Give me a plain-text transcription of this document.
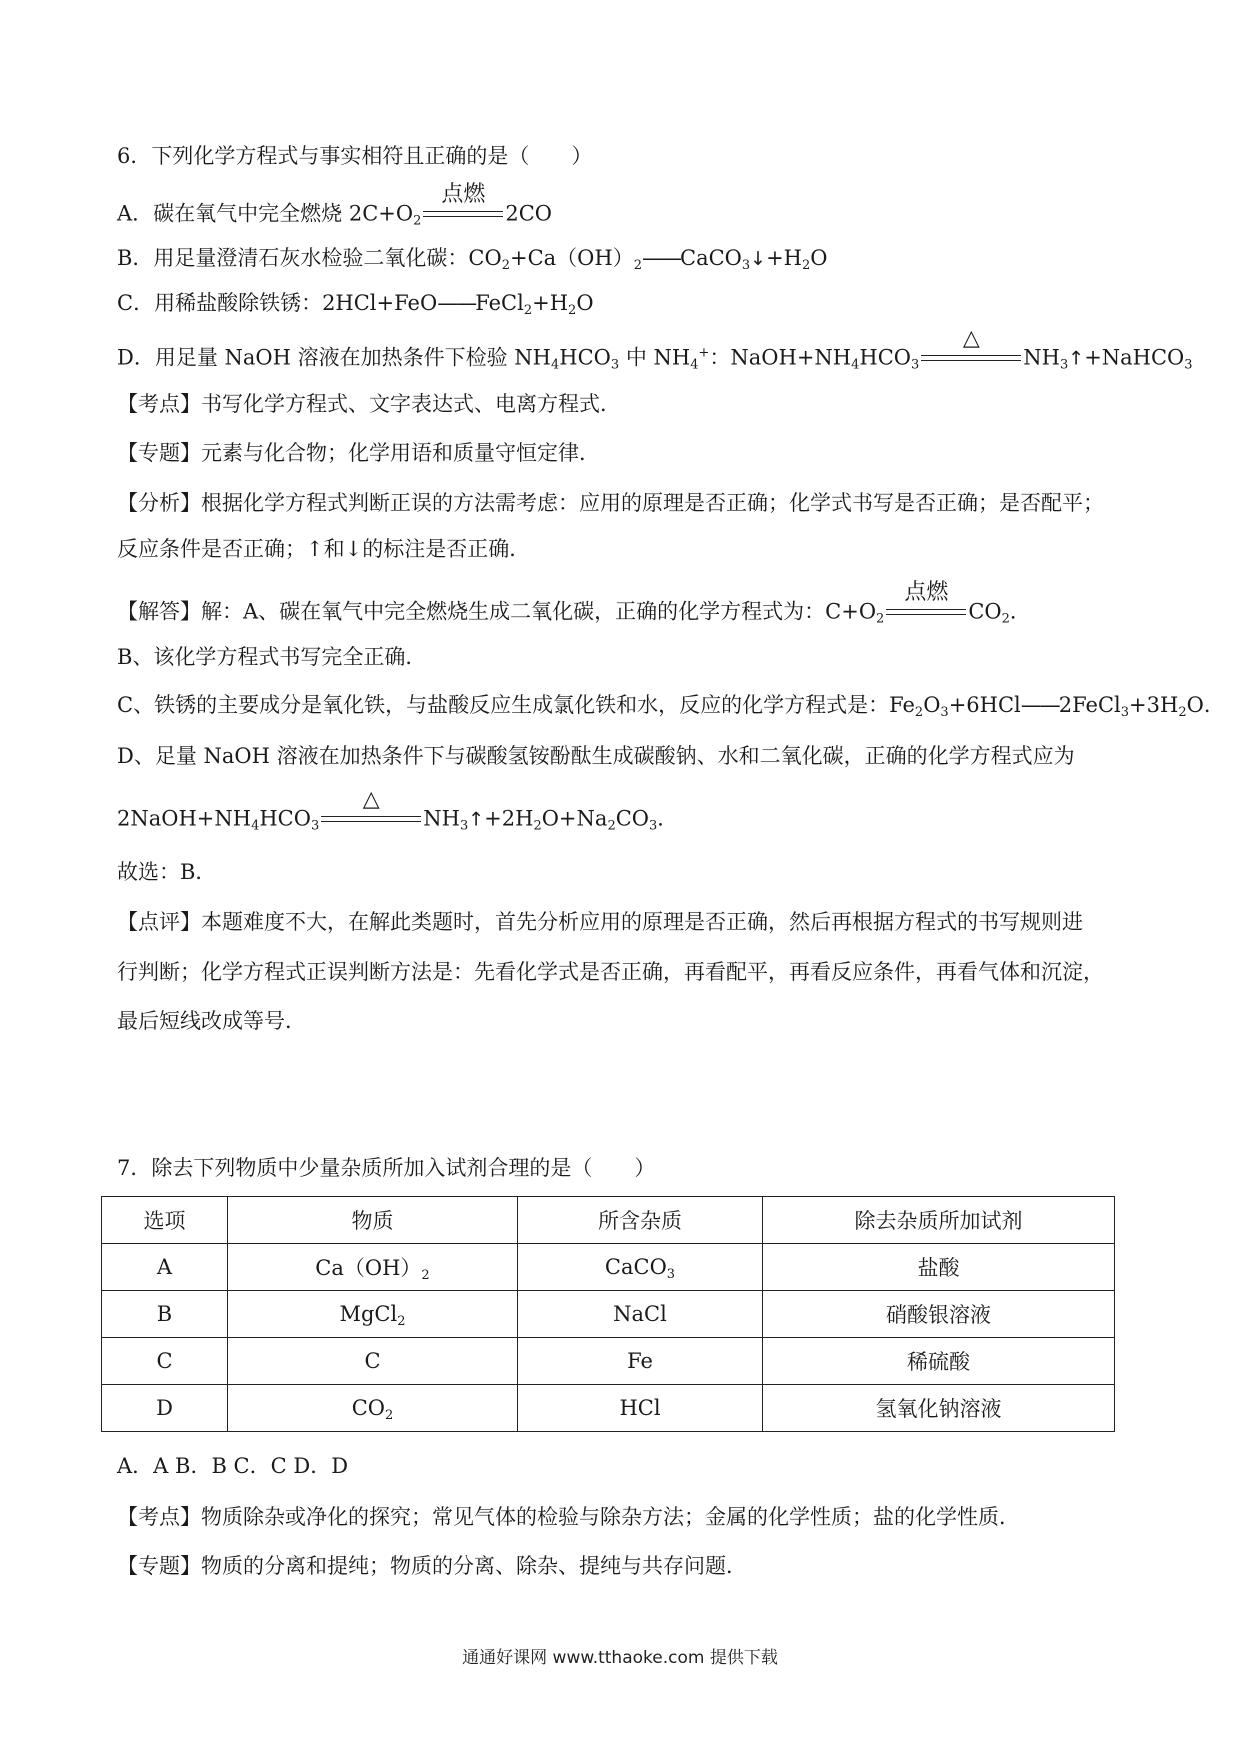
6．下列化学方程式与事实相符且正确的是（　　）
A．碳在氧气中完全燃烧 $2C+O_2$
点燃
2CO
B．用足量澄清石灰水检验二氧化碳：$CO_2+Ca(OH)_2——CaCO_3↓+H_2O$
C．用稀盐酸除铁锈：$2HCl+FeO——FeCl_2+H_2O$
D．用足量 NaOH 溶液在加热条件下检验 $NH_4HCO_3$ 中 $NH_4^+$：$NaOH+NH_4HCO_3$
△
$NH_3↑+NaHCO_3$
【考点】书写化学方程式、文字表达式、电离方程式．
【专题】元素与化合物；化学用语和质量守恒定律．
【分析】根据化学方程式判断正误的方法需考虑：应用的原理是否正确；化学式书写是否正确；是否配平；
反应条件是否正确；↑和↓的标注是否正确．
【解答】解：A、碳在氧气中完全燃烧生成二氧化碳，正确的化学方程式为：$C+O_2$
点燃
$CO_2$．
B、该化学方程式书写完全正确．
C、铁锈的主要成分是氧化铁，与盐酸反应生成氯化铁和水，反应的化学方程式是：$Fe_2O_3+6HCl——2FeCl_3+3H_2O$．
D、足量 NaOH 溶液在加热条件下与碳酸氢铵酚酞生成碳酸钠、水和二氧化碳，正确的化学方程式应为
$2NaOH+NH_4HCO_3$
△
$NH_3↑+2H_2O+Na_2CO_3$．
故选：B．
【点评】本题难度不大，在解此类题时，首先分析应用的原理是否正确，然后再根据方程式的书写规则进
行判断；化学方程式正误判断方法是：先看化学式是否正确，再看配平，再看反应条件，再看气体和沉淀，
最后短线改成等号．
7．除去下列物质中少量杂质所加入试剂合理的是（　　）
选项	物质	所含杂质	除去杂质所加试剂
A	$Ca(OH)_2$	CaCO$_3$	盐酸
B	MgCl$_2$	NaCl	硝酸银溶液
C	C	Fe	稀硫酸
D	$CO_2$	HCl	氢氧化钠溶液
A．A B．B C．C D．D
【考点】物质除杂或净化的探究；常见气体的检验与除杂方法；金属的化学性质；盐的化学性质．
【专题】物质的分离和提纯；物质的分离、除杂、提纯与共存问题．
通通好课网 www.tthaoke.com 提供下载
